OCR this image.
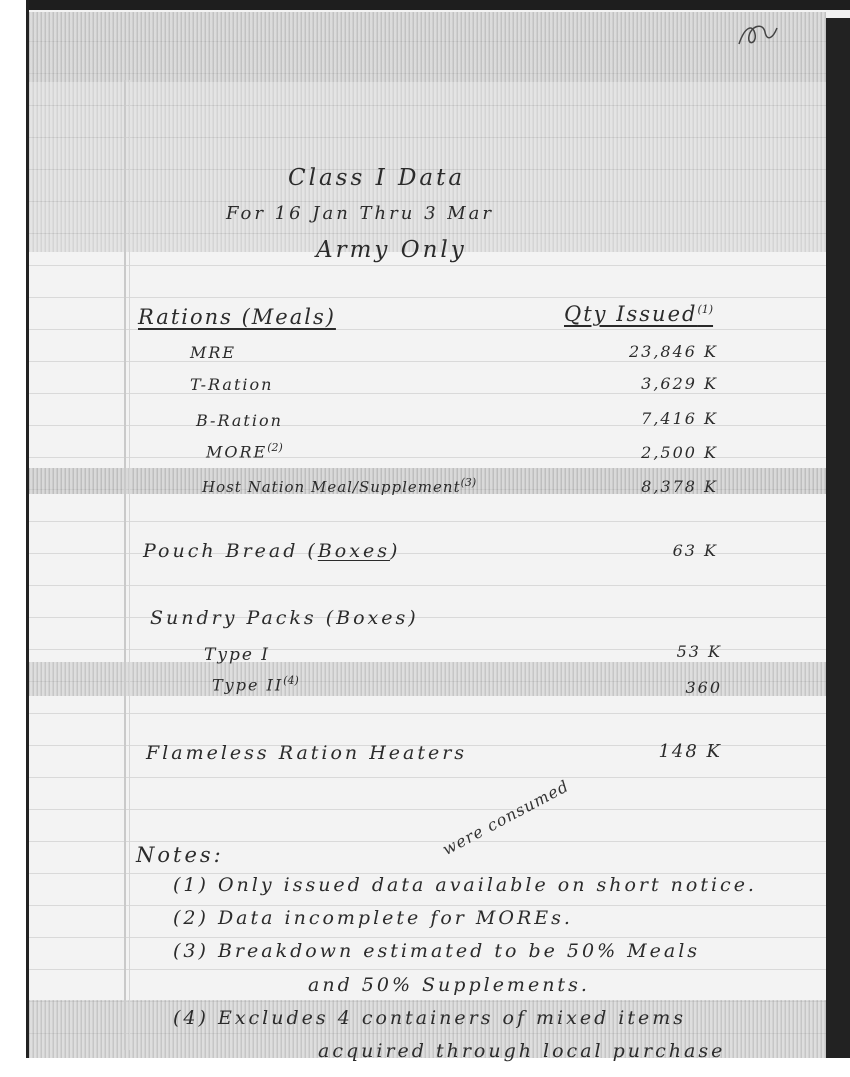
Class I Data
For 16 Jan Thru 3 Mar
Army Only
Rations (Meals)	Qty Issued$^{(1)}$
MRE	23,846 K
T-Ration	3,629 K
B-Ration	7,416 K
MORE$^{(2)}$	2,500 K
Host Nation Meal/Supplement$^{(3)}$	8,378 K
Pouch Bread (Boxes)	63 K
Sundry Packs (Boxes)
Type I	53 K
Type II$^{(4)}$	360
Flameless Ration Heaters	148 K
were consumed
Notes:
(1) Only issued data available on short notice.
(2) Data incomplete for MOREs.
(3) Breakdown estimated to be 50% Meals
and 50% Supplements.
(4) Excludes 4 containers of mixed items
acquired through local purchase
